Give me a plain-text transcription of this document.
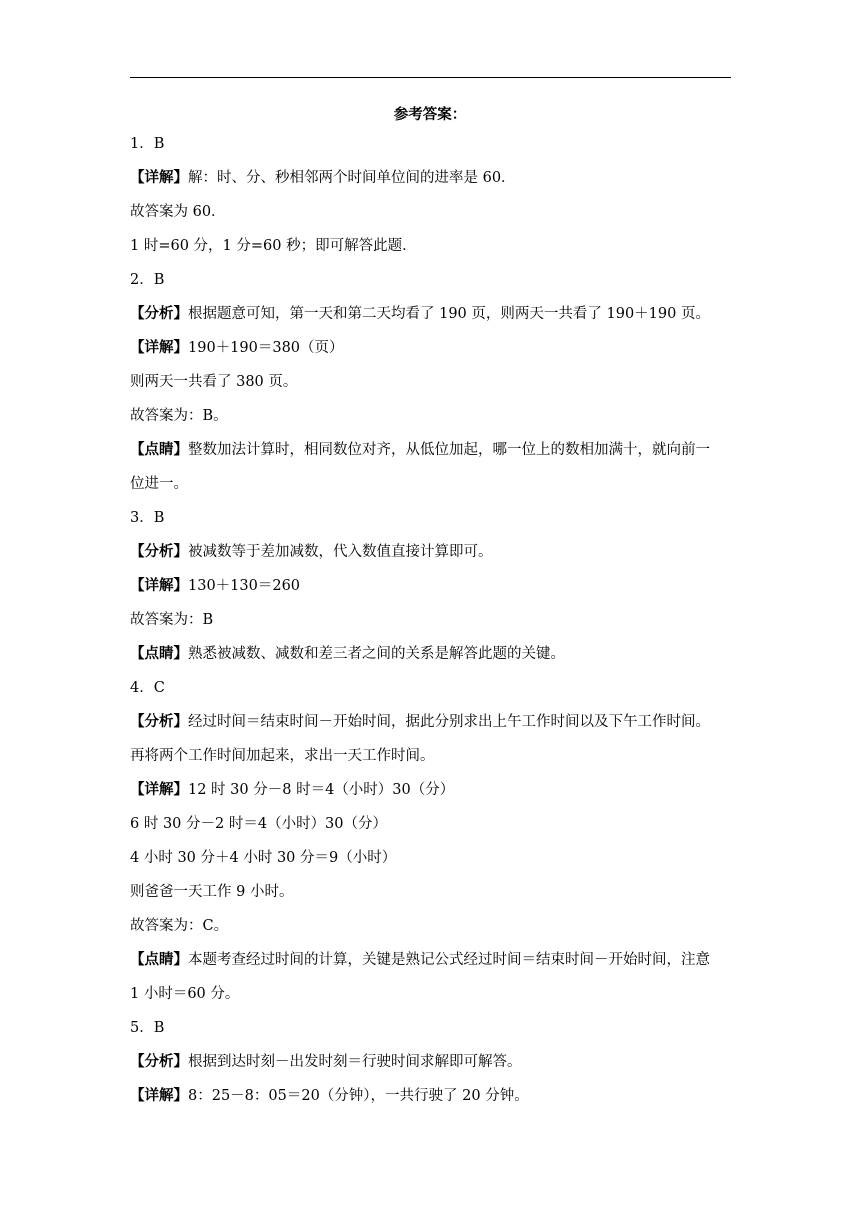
参考答案：
1．B
【详解】解：时、分、秒相邻两个时间单位间的进率是 60．
故答案为 60．
1 时=60 分，1 分=60 秒；即可解答此题．
2．B
【分析】根据题意可知，第一天和第二天均看了 190 页，则两天一共看了 190＋190 页。
【详解】190＋190＝380（页）
则两天一共看了 380 页。
故答案为：B。
【点睛】整数加法计算时，相同数位对齐，从低位加起，哪一位上的数相加满十，就向前一
位进一。
3．B
【分析】被减数等于差加减数，代入数值直接计算即可。
【详解】130＋130＝260
故答案为：B
【点睛】熟悉被减数、减数和差三者之间的关系是解答此题的关键。
4．C
【分析】经过时间＝结束时间－开始时间，据此分别求出上午工作时间以及下午工作时间。
再将两个工作时间加起来，求出一天工作时间。
【详解】12 时 30 分－8 时＝4（小时）30（分）
6 时 30 分－2 时＝4（小时）30（分）
4 小时 30 分＋4 小时 30 分＝9（小时）
则爸爸一天工作 9 小时。
故答案为：C。
【点睛】本题考查经过时间的计算，关键是熟记公式经过时间＝结束时间－开始时间，注意
1 小时＝60 分。
5．B
【分析】根据到达时刻－出发时刻＝行驶时间求解即可解答。
【详解】8：25－8：05＝20（分钟），一共行驶了 20 分钟。
